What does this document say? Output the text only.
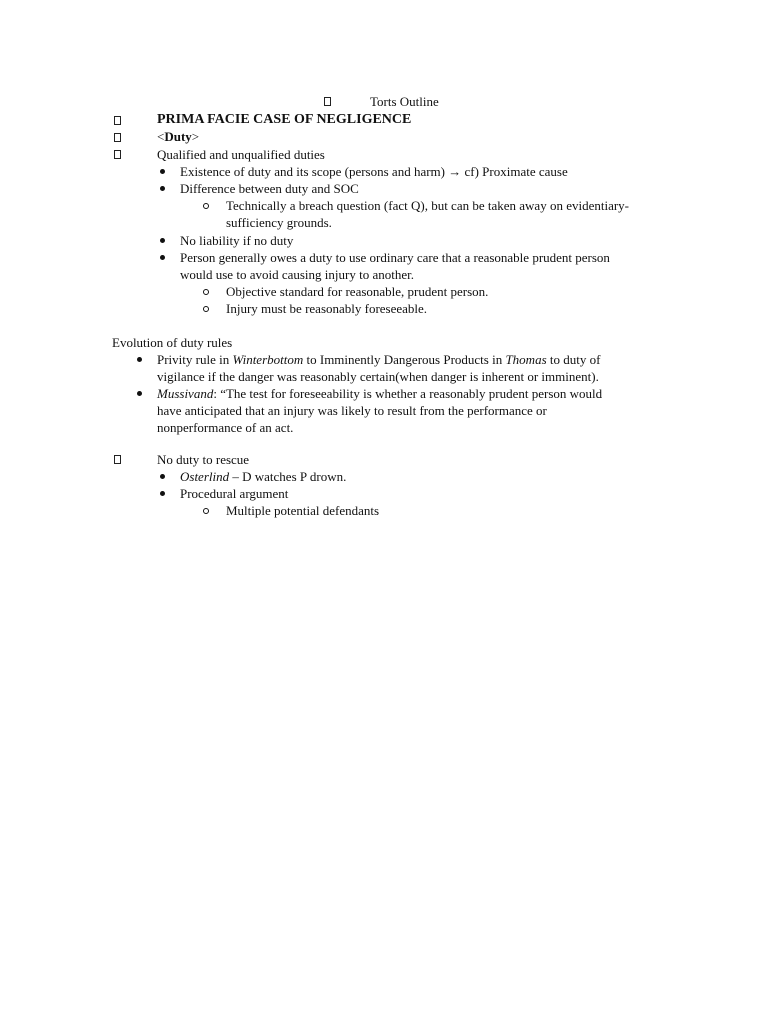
Torts Outline
PRIMA FACIE CASE OF NEGLIGENCE
<Duty>
Qualified and unqualified duties
Existence of duty and its scope (persons and harm) → cf) Proximate cause
Difference between duty and SOC
Technically a breach question (fact Q), but can be taken away on evidentiary-
sufficiency grounds.
No liability if no duty
Person generally owes a duty to use ordinary care that a reasonable prudent person
would use to avoid causing injury to another.
Objective standard for reasonable, prudent person.
Injury must be reasonably foreseeable.
Evolution of duty rules
Privity rule in Winterbottom to Imminently Dangerous Products in Thomas to duty of
vigilance if the danger was reasonably certain(when danger is inherent or imminent).
Mussivand: “The test for foreseeability is whether a reasonably prudent person would
have anticipated that an injury was likely to result from the performance or
nonperformance of an act.
No duty to rescue
Osterlind – D watches P drown.
Procedural argument
Multiple potential defendants
